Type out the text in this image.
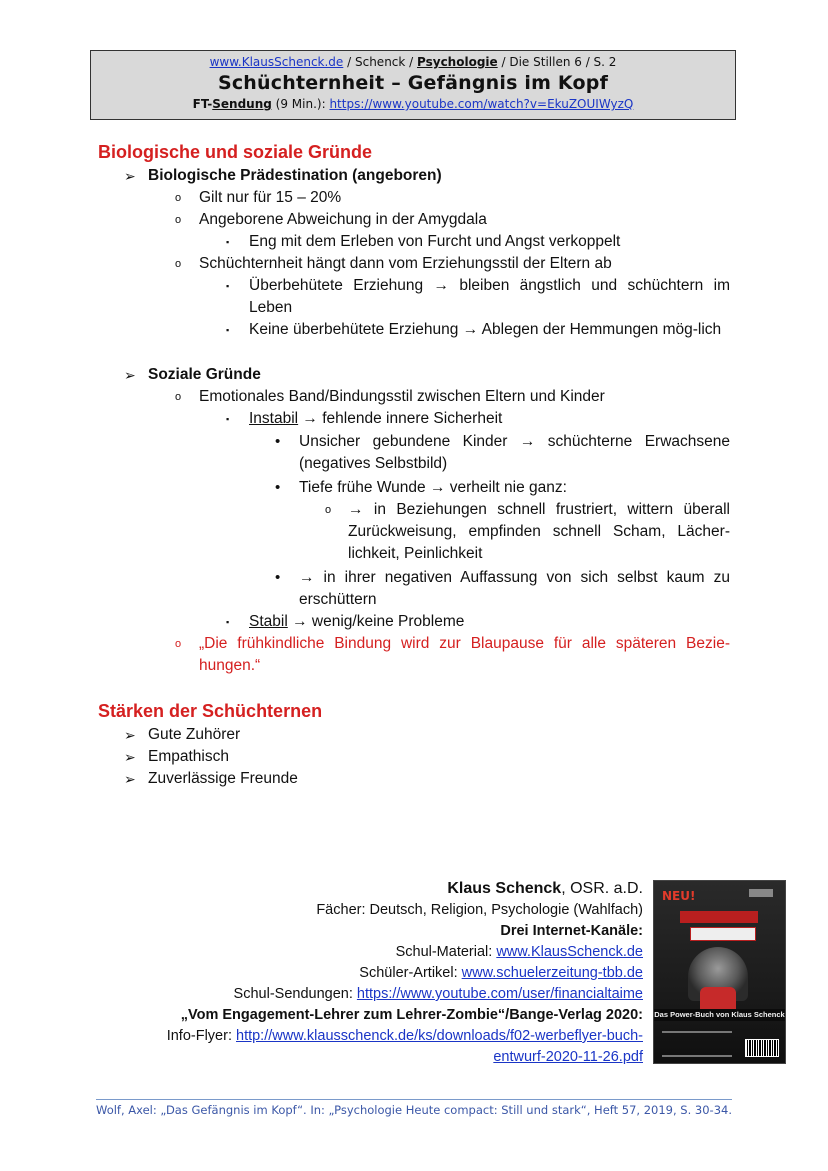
www.KlausSchenck.de / Schenck / Psychologie / Die Stillen 6 / S. 2
Schüchternheit – Gefängnis im Kopf
FT-Sendung (9 Min.): https://www.youtube.com/watch?v=EkuZOUIWyzQ
Biologische und soziale Gründe
➢ Biologische Prädestination (angeboren)
o Gilt nur für 15 – 20%
o Angeborene Abweichung in der Amygdala
▪ Eng mit dem Erleben von Furcht und Angst verkoppelt
o Schüchternheit hängt dann vom Erziehungsstil der Eltern ab
▪ Überbehütete Erziehung → bleiben ängstlich und schüchtern im Leben
▪ Keine überbehütete Erziehung → Ablegen der Hemmungen mög-lich
➢ Soziale Gründe
o Emotionales Band/Bindungsstil zwischen Eltern und Kinder
▪ Instabil → fehlende innere Sicherheit
• Unsicher gebundene Kinder → schüchterne Erwachsene (negatives Selbstbild)
• Tiefe frühe Wunde → verheilt nie ganz:
o → in Beziehungen schnell frustriert, wittern überall Zurückweisung, empfinden schnell Scham, Lächer-lichkeit, Peinlichkeit
• → in ihrer negativen Auffassung von sich selbst kaum zu erschüttern
▪ Stabil → wenig/keine Probleme
o „Die frühkindliche Bindung wird zur Blaupause für alle späteren Bezie-hungen.“
Stärken der Schüchternen
➢ Gute Zuhörer
➢ Empathisch
➢ Zuverlässige Freunde
Klaus Schenck, OSR. a.D.
Fächer: Deutsch, Religion, Psychologie (Wahlfach)
Drei Internet-Kanäle:
Schul-Material: www.KlausSchenck.de
Schüler-Artikel: www.schuelerzeitung-tbb.de
Schul-Sendungen: https://www.youtube.com/user/financialtaime
„Vom Engagement-Lehrer zum Lehrer-Zombie“/Bange-Verlag 2020:
Info-Flyer: http://www.klausschenck.de/ks/downloads/f02-werbeflyer-buch-
entwurf-2020-11-26.pdf
NEU!
Das Power-Buch von Klaus Schenck
Wolf, Axel: „Das Gefängnis im Kopf“. In: „Psychologie Heute compact: Still und stark“, Heft 57, 2019, S. 30-34.
